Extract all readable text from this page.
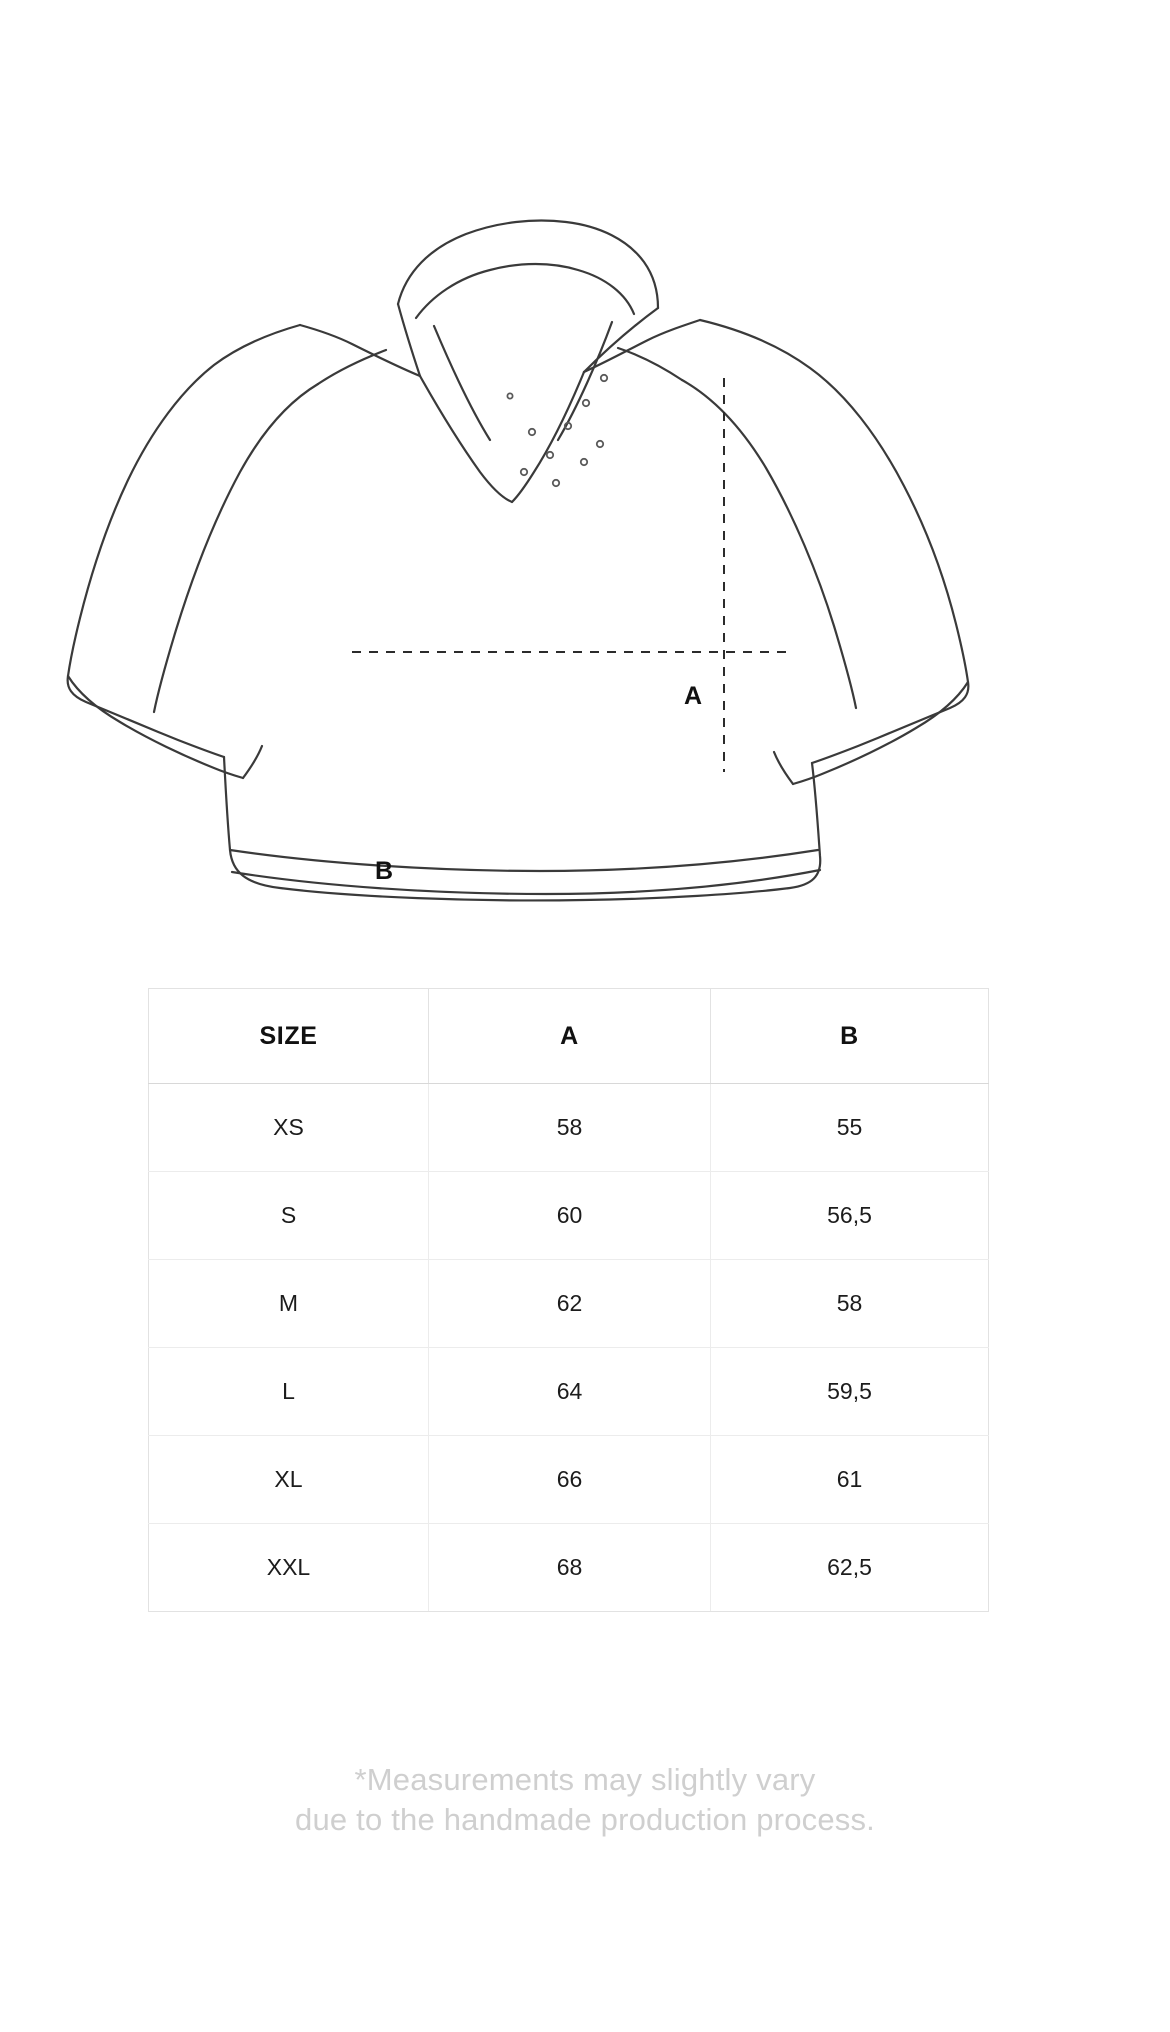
A
B
SIZE	A	B
XS	58	55
S	60	56,5
M	62	58
L	64	59,5
XL	66	61
XXL	68	62,5
*Measurements may slightly vary
due to the handmade production process.
